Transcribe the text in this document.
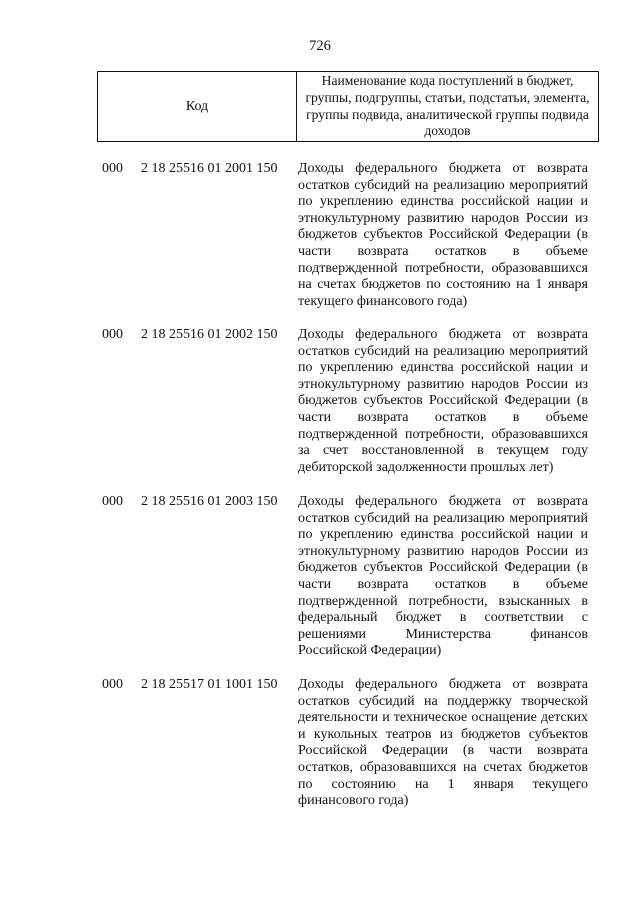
726
Код
Наименование кода поступлений в бюджет, группы, подгруппы, статьи, подстатьи, элемента, группы подвида, аналитической группы подвида доходов
000 2 18 25516 01 2001 150 Доходы федерального бюджета от возврата остатков субсидий на реализацию мероприятий по укреплению единства российской нации и этнокультурному развитию народов России из бюджетов субъектов Российской Федерации (в части возврата остатков в объеме подтвержденной потребности, образовавшихся на счетах бюджетов по состоянию на 1 января текущего финансового года)
000 2 18 25516 01 2002 150 Доходы федерального бюджета от возврата остатков субсидий на реализацию мероприятий по укреплению единства российской нации и этнокультурному развитию народов России из бюджетов субъектов Российской Федерации (в части возврата остатков в объеме подтвержденной потребности, образовавшихся за счет восстановленной в текущем году дебиторской задолженности прошлых лет)
000 2 18 25516 01 2003 150 Доходы федерального бюджета от возврата остатков субсидий на реализацию мероприятий по укреплению единства российской нации и этнокультурному развитию народов России из бюджетов субъектов Российской Федерации (в части возврата остатков в объеме подтвержденной потребности, взысканных в федеральный бюджет в соответствии с решениями Министерства финансов Российской Федерации)
000 2 18 25517 01 1001 150 Доходы федерального бюджета от возврата остатков субсидий на поддержку творческой деятельности и техническое оснащение детских и кукольных театров из бюджетов субъектов Российской Федерации (в части возврата остатков, образовавшихся на счетах бюджетов по состоянию на 1 января текущего финансового года)
